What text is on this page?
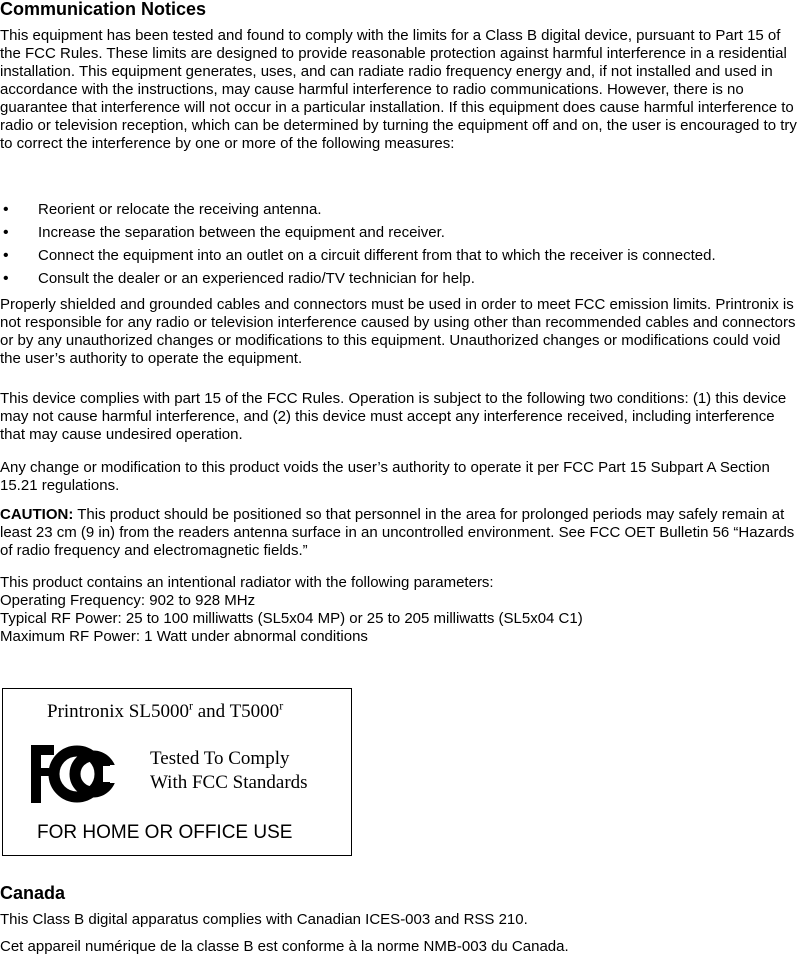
Communication Notices

This equipment has been tested and found to comply with the limits for a Class B digital device, pursuant to Part 15 of the FCC Rules. These limits are designed to provide reasonable protection against harmful interference in a residential installation. This equipment generates, uses, and can radiate radio frequency energy and, if not installed and used in accordance with the instructions, may cause harmful interference to radio communications. However, there is no guarantee that interference will not occur in a particular installation. If this equipment does cause harmful interference to radio or television reception, which can be determined by turning the equipment off and on, the user is encouraged to try to correct the interference by one or more of the following measures:

• Reorient or relocate the receiving antenna.
• Increase the separation between the equipment and receiver.
• Connect the equipment into an outlet on a circuit different from that to which the receiver is connected.
• Consult the dealer or an experienced radio/TV technician for help.

Properly shielded and grounded cables and connectors must be used in order to meet FCC emission limits. Printronix is not responsible for any radio or television interference caused by using other than recommended cables and connectors or by any unauthorized changes or modifications to this equipment. Unauthorized changes or modifications could void the user’s authority to operate the equipment.

This device complies with part 15 of the FCC Rules. Operation is subject to the following two conditions: (1) this device may not cause harmful interference, and (2) this device must accept any interference received, including interference that may cause undesired operation.

Any change or modification to this product voids the user’s authority to operate it per FCC Part 15 Subpart A Section 15.21 regulations.

CAUTION: This product should be positioned so that personnel in the area for prolonged periods may safely remain at least 23 cm (9 in) from the readers antenna surface in an uncontrolled environment. See FCC OET Bulletin 56 “Hazards of radio frequency and electromagnetic fields.”

This product contains an intentional radiator with the following parameters:
Operating Frequency: 902 to 928 MHz
Typical RF Power: 25 to 100 milliwatts (SL5x04 MP) or 25 to 205 milliwatts (SL5x04 C1)
Maximum RF Power: 1 Watt under abnormal conditions
Printronix SL5000$^r$ and T5000$^r$
Tested To Comply
With FCC Standards
FOR HOME OR OFFICE USE
Canada

This Class B digital apparatus complies with Canadian ICES-003 and RSS 210.

Cet appareil numérique de la classe B est conforme à la norme NMB-003 du Canada.
